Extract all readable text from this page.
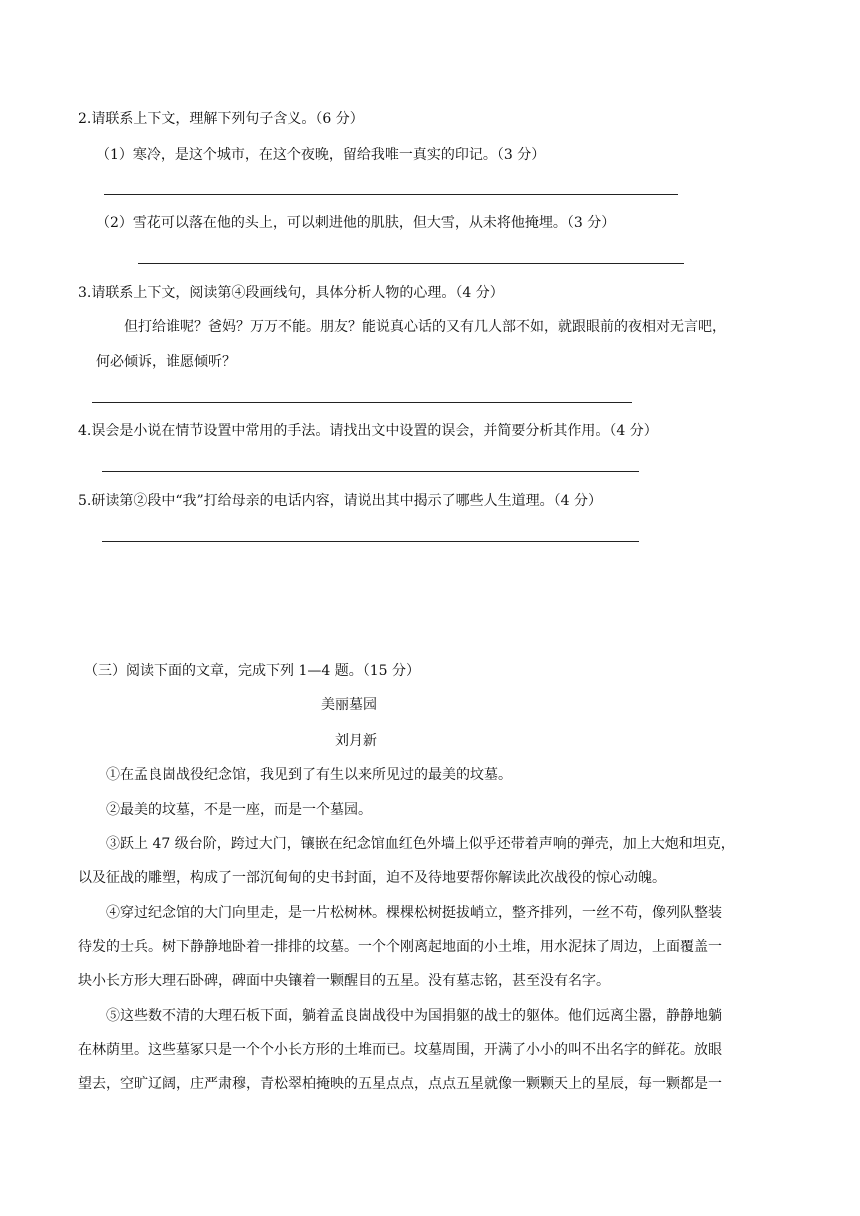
2.请联系上下文，理解下列句子含义。（6 分）
（1）寒冷，是这个城市，在这个夜晚，留给我唯一真实的印记。（3 分）
（2）雪花可以落在他的头上，可以刺进他的肌肤，但大雪，从未将他掩埋。（3 分）
3.请联系上下文，阅读第④段画线句，具体分析人物的心理。（4 分）
但打给谁呢？爸妈？万万不能。朋友？能说真心话的又有几人部不如，就跟眼前的夜相对无言吧，
何必倾诉，谁愿倾听？
4.误会是小说在情节设置中常用的手法。请找出文中设置的误会，并简要分析其作用。（4 分）
5.研读第②段中“我”打给母亲的电话内容，请说出其中揭示了哪些人生道理。（4 分）
（三）阅读下面的文章，完成下列 1—4 题。（15 分）
美丽墓园
刘月新
①在孟良崮战役纪念馆，我见到了有生以来所见过的最美的坟墓。
②最美的坟墓，不是一座，而是一个墓园。
③跃上 47 级台阶，跨过大门，镶嵌在纪念馆血红色外墙上似乎还带着声响的弹壳，加上大炮和坦克，
以及征战的雕塑，构成了一部沉甸甸的史书封面，迫不及待地要帮你解读此次战役的惊心动魄。
④穿过纪念馆的大门向里走，是一片松树林。棵棵松树挺拔峭立，整齐排列，一丝不苟，像列队整装
待发的士兵。树下静静地卧着一排排的坟墓。一个个刚离起地面的小土堆，用水泥抹了周边，上面覆盖一
块小长方形大理石卧碑，碑面中央镶着一颗醒目的五星。没有墓志铭，甚至没有名字。
⑤这些数不清的大理石板下面，躺着孟良崮战役中为国捐躯的战士的躯体。他们远离尘嚣，静静地躺
在林荫里。这些墓冢只是一个个小长方形的土堆而已。坟墓周围，开满了小小的叫不出名字的鲜花。放眼
望去，空旷辽阔，庄严肃穆，青松翠柏掩映的五星点点，点点五星就像一颗颗天上的星辰，每一颗都是一
